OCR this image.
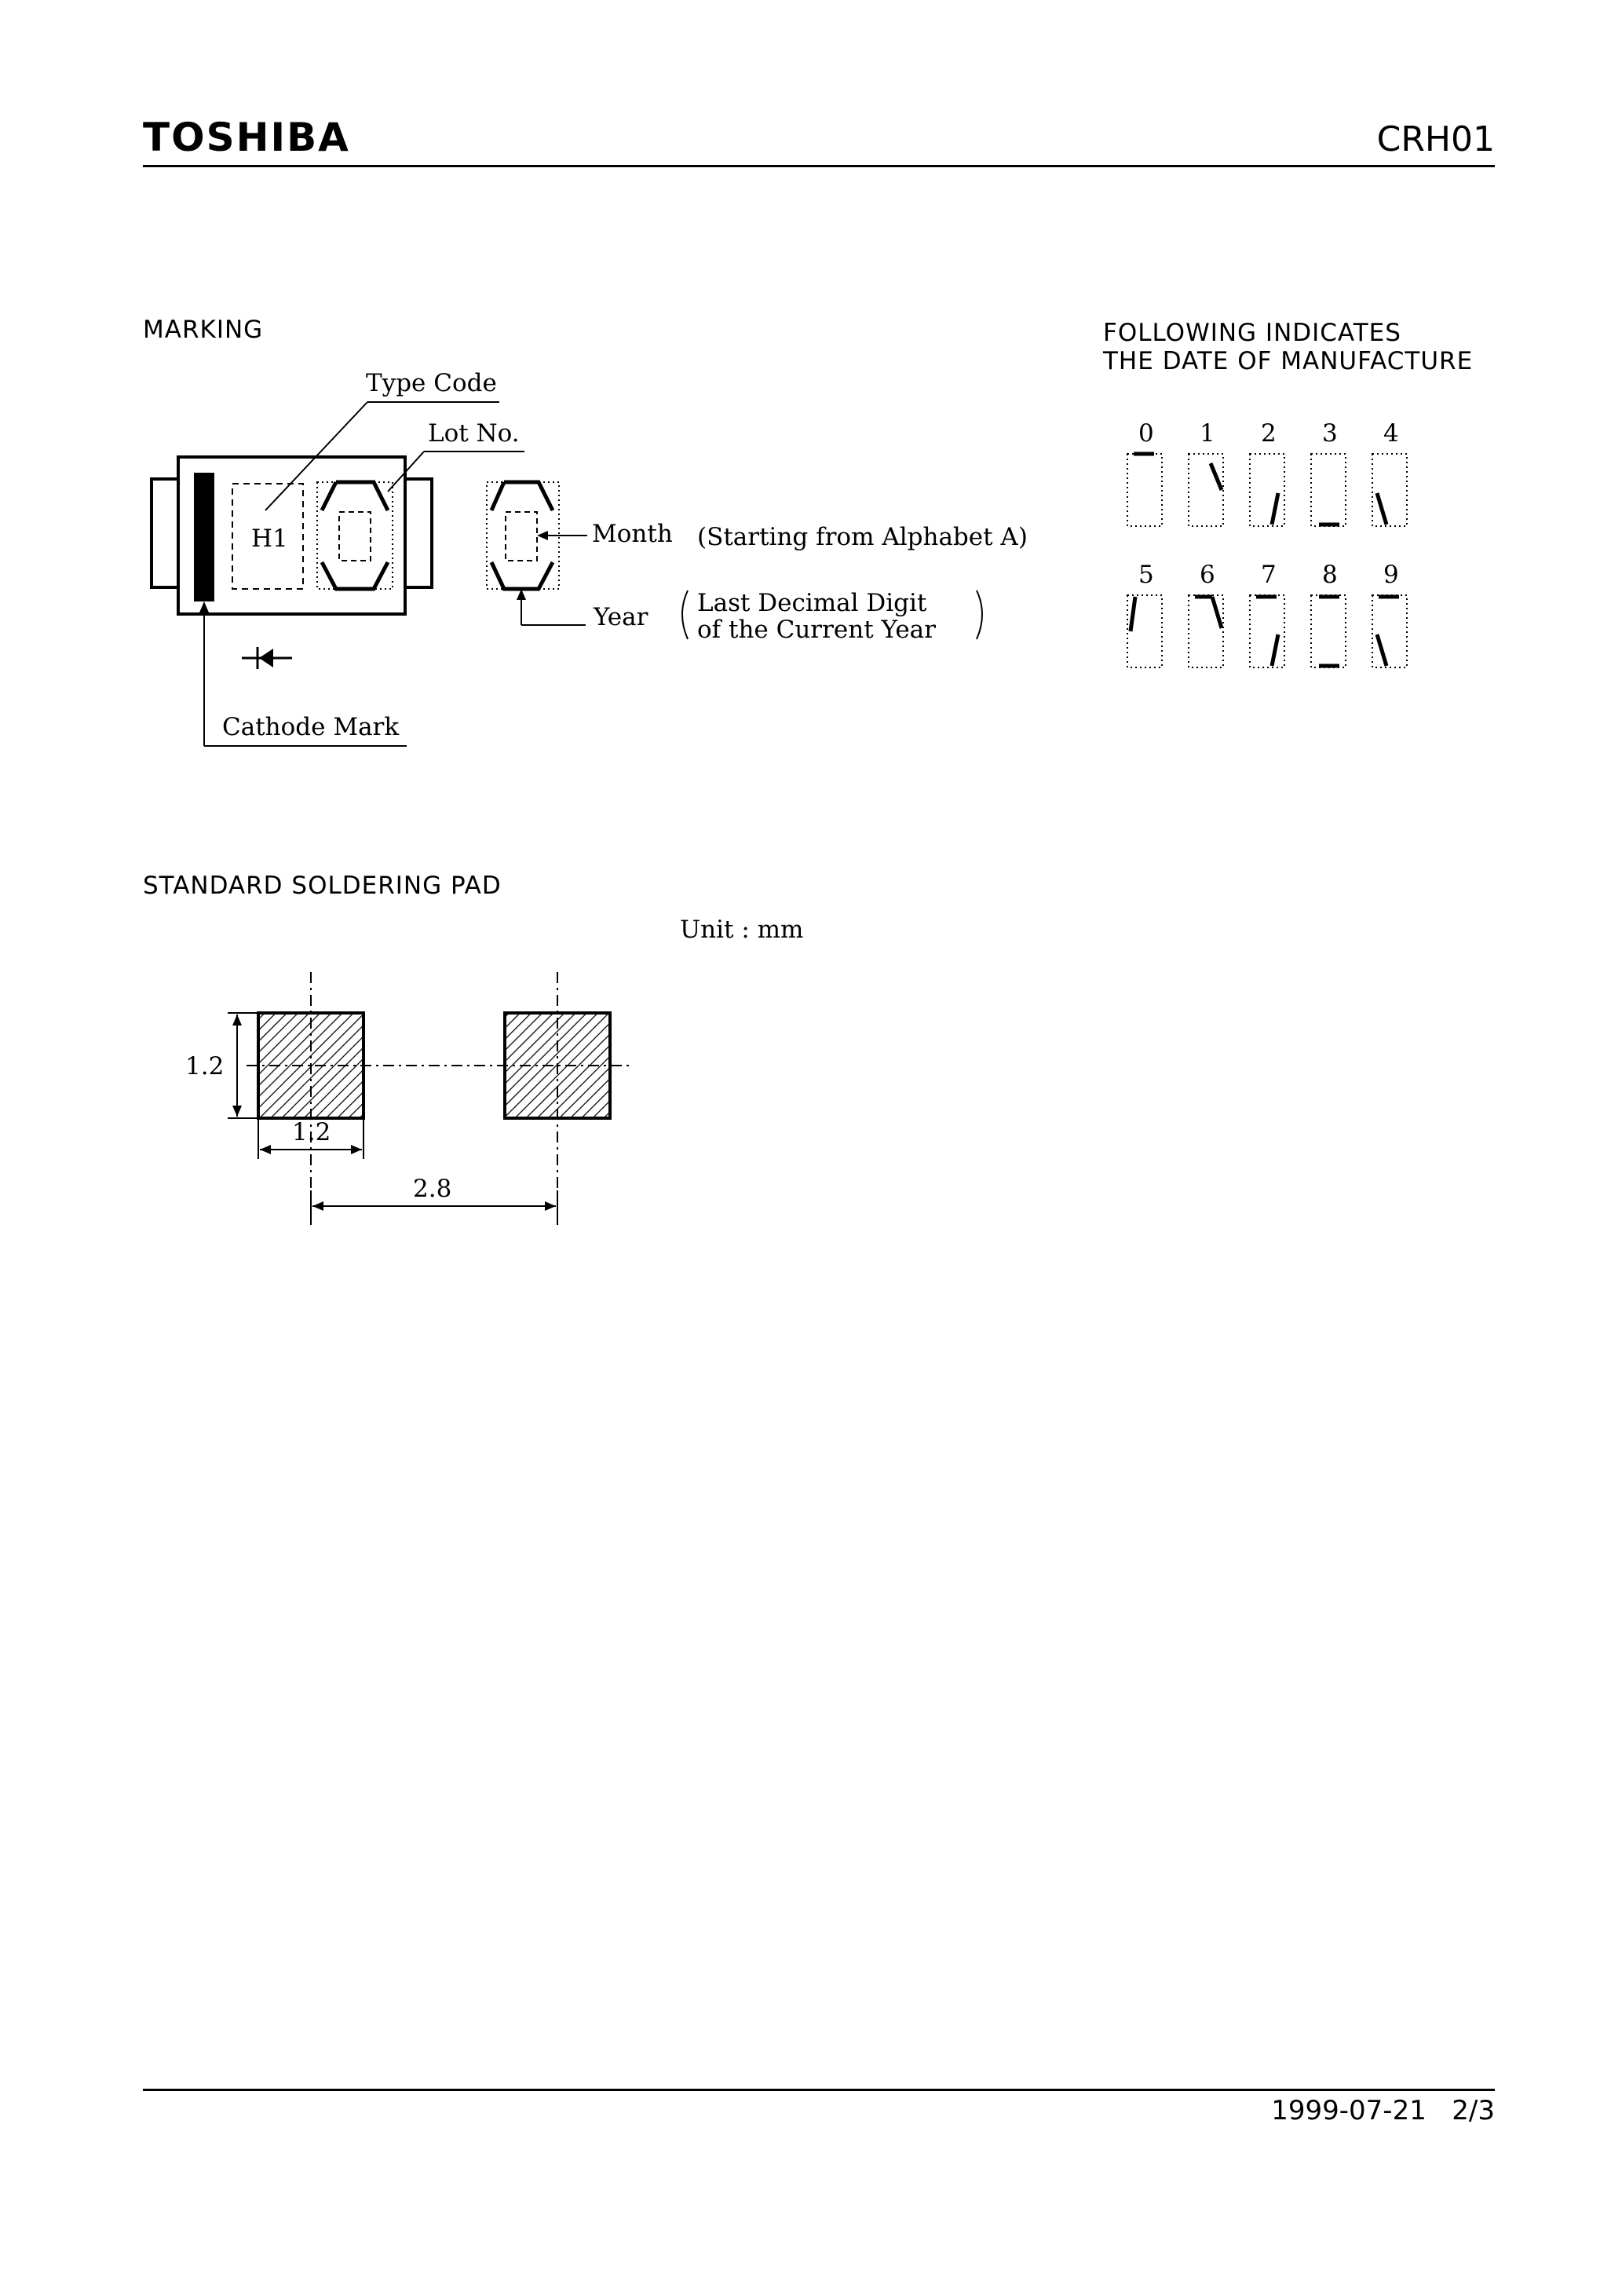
TOSHIBA	CRH01
MARKING	FOLLOWING INDICATES
THE DATE OF MANUFACTURE
STANDARD SOLDERING PAD
H1
Type Code
Lot No.
Month (Starting from Alphabet A)
Year Last Decimal Digit
of the Current Year
Cathode Mark
0 1 2 3 4
5 6 7 8 9
Unit : mm
1.2
1.2
2.8
1999-07-21 2/3
